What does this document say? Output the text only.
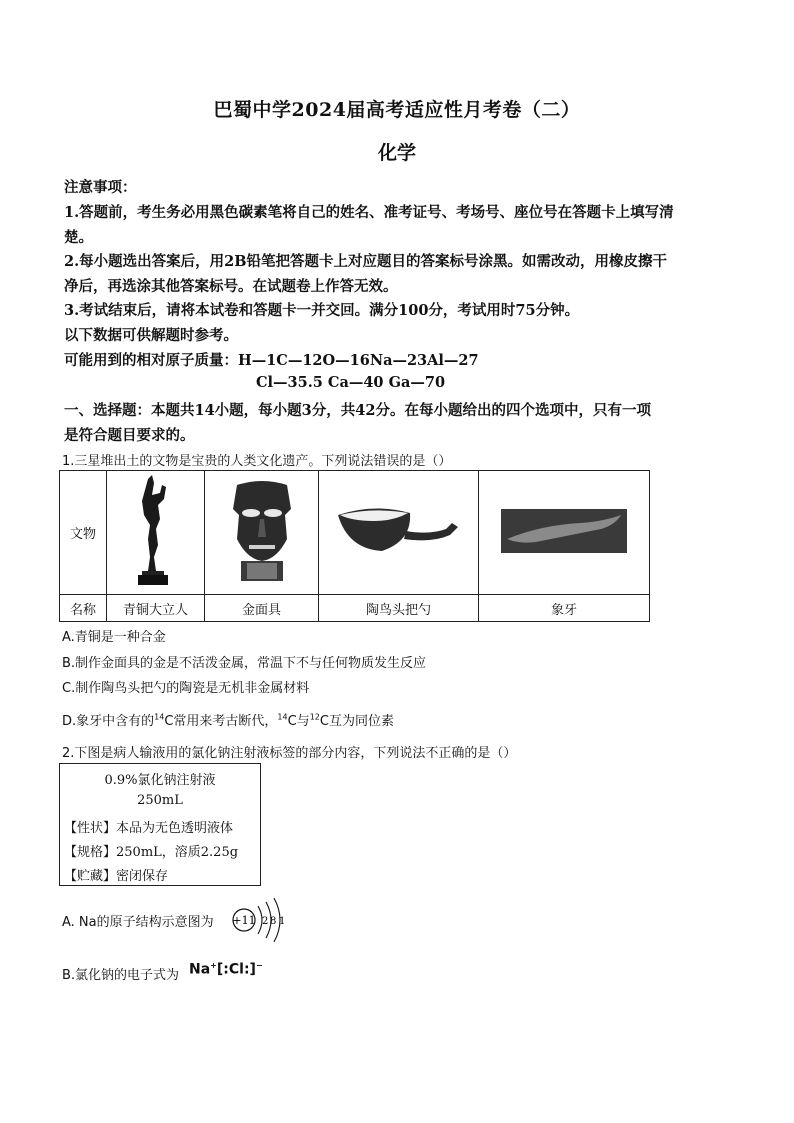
巴蜀中学2024届高考适应性月考卷（二）
化学
注意事项：
1.答题前，考生务必用黑色碳素笔将自己的姓名、准考证号、考场号、座位号在答题卡上填写清
楚。
2.每小题选出答案后，用2B铅笔把答题卡上对应题目的答案标号涂黑。如需改动，用橡皮擦干
净后，再选涂其他答案标号。在试题卷上作答无效。
3.考试结束后，请将本试卷和答题卡一并交回。满分100分，考试用时75分钟。
以下数据可供解题时参考。
可能用到的相对原子质量：H—1C—12O—16Na—23Al—27
Cl—35.5 Ca—40 Ga—70
一、选择题：本题共14小题，每小题3分，共42分。在每小题给出的四个选项中，只有一项
是符合题目要求的。
1.三星堆出土的文物是宝贵的人类文化遗产。下列说法错误的是（）
文物				
名称	青铜大立人	金面具	陶鸟头把勺	象牙
A.青铜是一种合金
B.制作金面具的金是不活泼金属，常温下不与任何物质发生反应
C.制作陶鸟头把勺的陶瓷是无机非金属材料
D.象牙中含有的$^{14}$C常用来考古断代，$^{14}$C与$^{12}$C互为同位素
2.下图是病人输液用的氯化钠注射液标签的部分内容，下列说法不正确的是（）
0.9%氯化钠注射液
250mL
【性状】本品为无色透明液体
【规格】250mL，溶质2.25g
【贮藏】密闭保存
A. Na的原子结构示意图为 +11 2 8 1
B.氯化钠的电子式为 Na+[:Cl:]−
